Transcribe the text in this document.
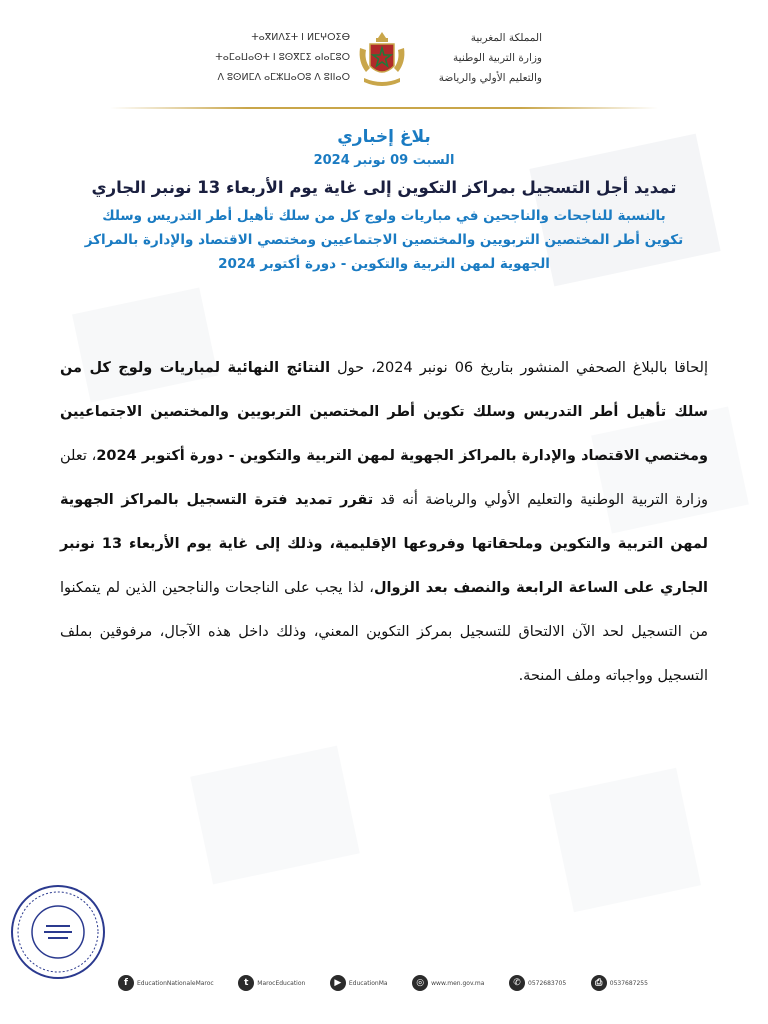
ⵜⴰⴳⵍⴷⵉⵜ ⵏ ⵍⵎⵖⵔⵉⴱ
ⵜⴰⵎⴰⵡⴰⵙⵜ ⵏ ⵓⵙⴳⵎⵉ ⴰⵏⴰⵎⵓⵔ
ⴷ ⵓⵙⵍⵎⴷ ⴰⵎⵣⵡⴰⵔⵓ ⴷ ⵓⵏⵏⴰⵔ
المملكة المغربية
وزارة التربية الوطنية
والتعليم الأولي والرياضة
بلاغ إخباري
السبت 09 نونبر 2024
تمديد أجل التسجيل بمراكز التكوين إلى غاية يوم الأربعاء 13 نونبر الجاري
بالنسبة للناجحات والناجحين في مباريات ولوج كل من سلك تأهيل أطر التدريس وسلك
تكوين أطر المختصين التربويين والمختصين الاجتماعيين ومختصي الاقتصاد والإدارة بالمراكز
الجهوية لمهن التربية والتكوين - دورة أكتوبر 2024
إلحاقا بالبلاغ الصحفي المنشور بتاريخ 06 نونبر 2024، حول النتائج النهائية لمباريات ولوج كل من سلك تأهيل أطر التدريس وسلك تكوين أطر المختصين التربويين والمختصين الاجتماعيين ومختصي الاقتصاد والإدارة بالمراكز الجهوية لمهن التربية والتكوين - دورة أكتوبر 2024، تعلن وزارة التربية الوطنية والتعليم الأولي والرياضة أنه قد تقرر تمديد فترة التسجيل بالمراكز الجهوية لمهن التربية والتكوين وملحقاتها وفروعها الإقليمية، وذلك إلى غاية يوم الأربعاء 13 نونبر الجاري على الساعة الرابعة والنصف بعد الزوال، لذا يجب على الناجحات والناجحين الذين لم يتمكنوا من التسجيل لحد الآن الالتحاق للتسجيل بمركز التكوين المعني، وذلك داخل هذه الآجال، مرفوقين بملف التسجيل وواجباته وملف المنحة.
f	EducationNationaleMaroc	t	MarocEducation	▶	EducationMa	◎	www.men.gov.ma	✆	0572683705	⎙	0537687255
